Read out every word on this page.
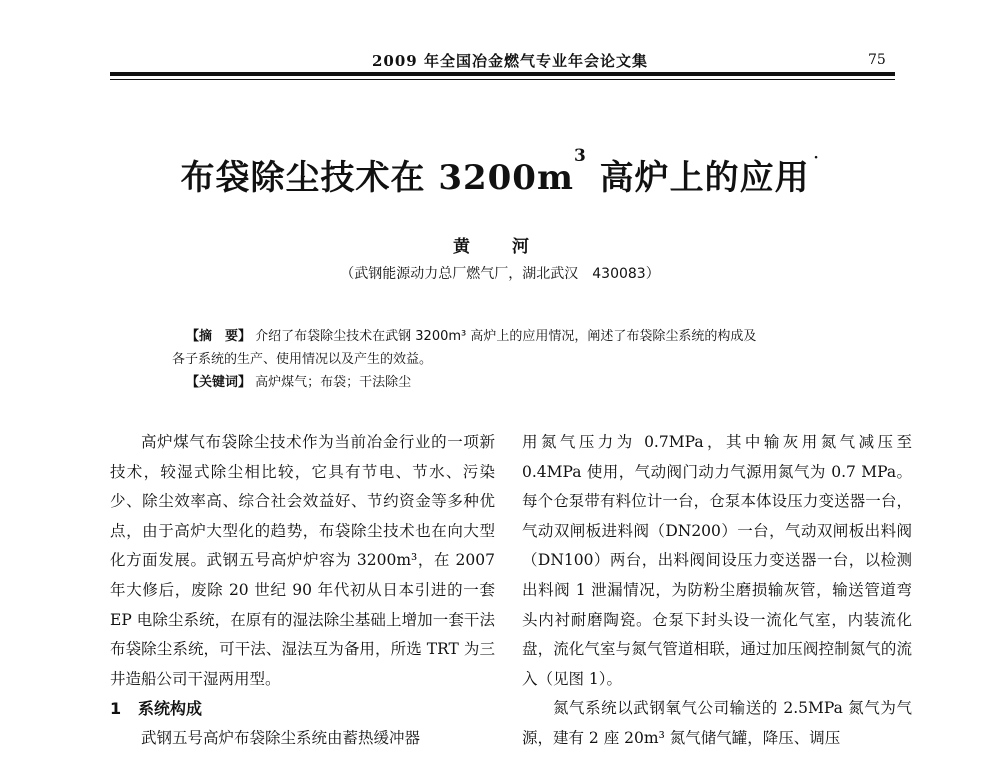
2009 年全国冶金燃气专业年会论文集	75
布袋除尘技术在 $3200m^3$ 高炉上的应用 ·
黄 河
（武钢能源动力总厂燃气厂，湖北武汉　430083）
【摘　要】 介绍了布袋除尘技术在武钢 3200m³ 高炉上的应用情况，阐述了布袋除尘系统的构成及
各子系统的生产、使用情况以及产生的效益。
【关键词】 高炉煤气；布袋；干法除尘

高炉煤气布袋除尘技术作为当前冶金行业的一项新技术，较湿式除尘相比较，它具有节电、节水、污染少、除尘效率高、综合社会效益好、节约资金等多种优点，由于高炉大型化的趋势，布袋除尘技术也在向大型化方面发展。武钢五号高炉炉容为 3200m³，在 2007 年大修后，废除 20 世纪 90 年代初从日本引进的一套 EP 电除尘系统，在原有的湿法除尘基础上增加一套干法布袋除尘系统，可干法、湿法互为备用，所选 TRT 为三井造船公司干湿两用型。

1 系统构成

武钢五号高炉布袋除尘系统由蓄热缓冲器

用氮气压力为 0.7MPa，其中输灰用氮气减压至 0.4MPa 使用，气动阀门动力气源用氮气为 0.7 MPa。每个仓泵带有料位计一台，仓泵本体设压力变送器一台，气动双闸板进料阀（DN200）一台，气动双闸板出料阀（DN100）两台，出料阀间设压力变送器一台，以检测出料阀 1 泄漏情况，为防粉尘磨损输灰管，输送管道弯头内衬耐磨陶瓷。仓泵下封头设一流化气室，内装流化盘，流化气室与氮气管道相联，通过加压阀控制氮气的流入（见图 1）。

氮气系统以武钢氧气公司输送的 2.5MPa 氮气为气源，建有 2 座 20m³ 氮气储气罐，降压、调压
